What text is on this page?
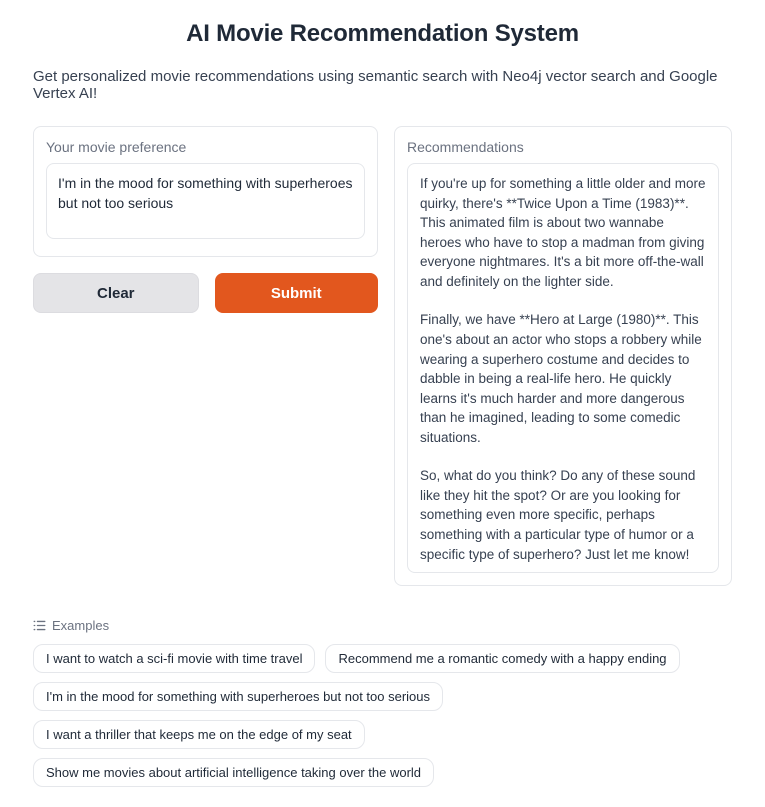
AI Movie Recommendation System

Get personalized movie recommendations using semantic search with Neo4j vector search and Google Vertex AI!

Your movie preference
I'm in the mood for something with superheroes but not too serious
Clear	Submit
Recommendations

If you're up for something a little older and more quirky, there's **Twice Upon a Time (1983)**. This animated film is about two wannabe heroes who have to stop a madman from giving everyone nightmares. It's a bit more off-the-wall and definitely on the lighter side.

Finally, we have **Hero at Large (1980)**. This one's about an actor who stops a robbery while wearing a superhero costume and decides to dabble in being a real-life hero. He quickly learns it's much harder and more dangerous than he imagined, leading to some comedic situations.

So, what do you think? Do any of these sound like they hit the spot? Or are you looking for something even more specific, perhaps something with a particular type of humor or a specific type of superhero? Just let me know!

Examples
I want to watch a sci-fi movie with time travel	Recommend me a romantic comedy with a happy ending
I'm in the mood for something with superheroes but not too serious
I want a thriller that keeps me on the edge of my seat
Show me movies about artificial intelligence taking over the world
